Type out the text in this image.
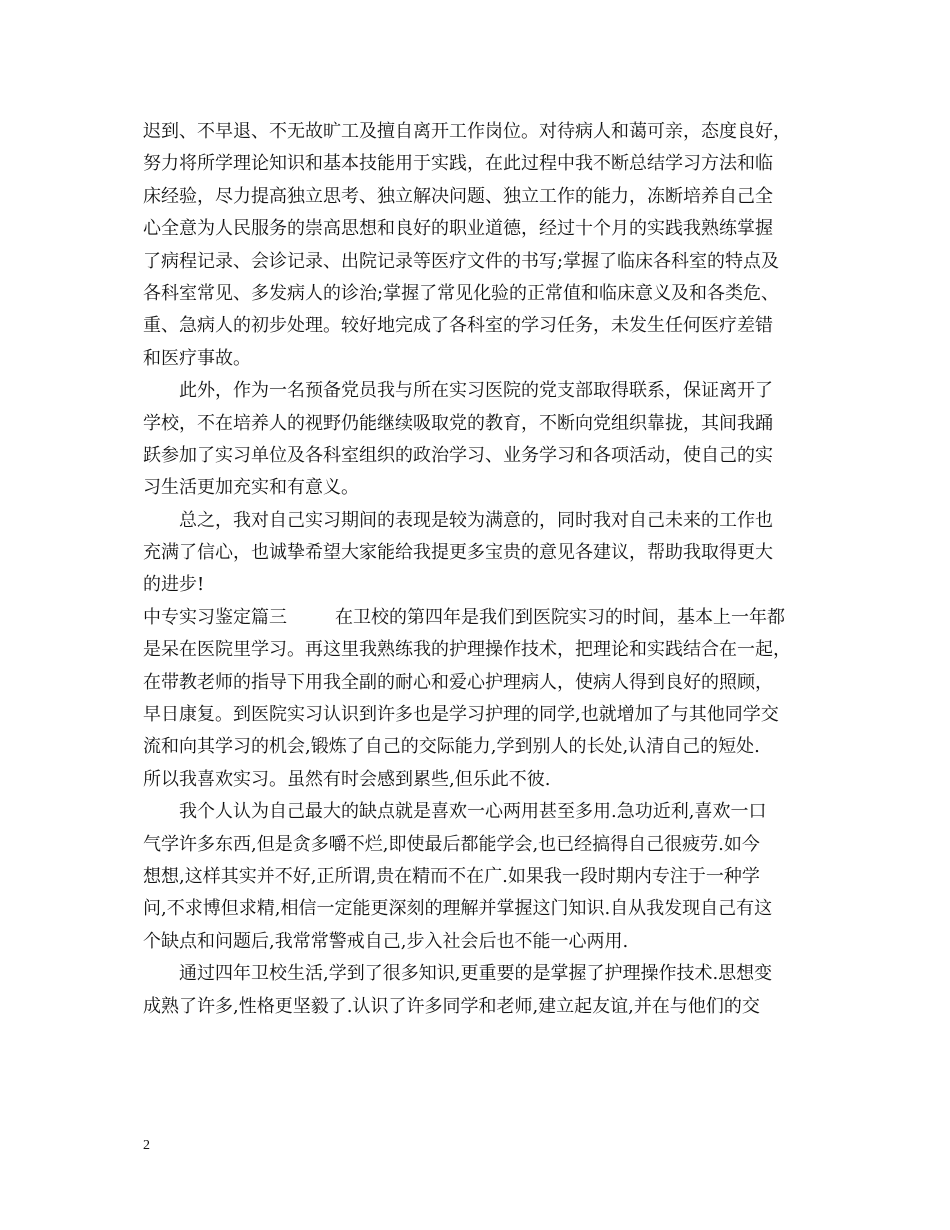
迟到、不早退、不无故旷工及擅自离开工作岗位。对待病人和蔼可亲，态度良好，
努力将所学理论知识和基本技能用于实践，在此过程中我不断总结学习方法和临
床经验，尽力提高独立思考、独立解决问题、独立工作的能力，冻断培养自己全
心全意为人民服务的崇高思想和良好的职业道德，经过十个月的实践我熟练掌握
了病程记录、会诊记录、出院记录等医疗文件的书写;掌握了临床各科室的特点及
各科室常见、多发病人的诊治;掌握了常见化验的正常值和临床意义及和各类危、
重、急病人的初步处理。较好地完成了各科室的学习任务，未发生任何医疗差错
和医疗事故。
此外，作为一名预备党员我与所在实习医院的党支部取得联系，保证离开了
学校，不在培养人的视野仍能继续吸取党的教育，不断向党组织靠拢，其间我踊
跃参加了实习单位及各科室组织的政治学习、业务学习和各项活动，使自己的实
习生活更加充实和有意义。
总之，我对自己实习期间的表现是较为满意的，同时我对自己未来的工作也
充满了信心，也诚挚希望大家能给我提更多宝贵的意见各建议，帮助我取得更大
的进步!
中专实习鉴定篇三	在卫校的第四年是我们到医院实习的时间，基本上一年都
是呆在医院里学习。再这里我熟练我的护理操作技术，把理论和实践结合在一起，
在带教老师的指导下用我全副的耐心和爱心护理病人，使病人得到良好的照顾，
早日康复。到医院实习认识到许多也是学习护理的同学,也就增加了与其他同学交
流和向其学习的机会,锻炼了自己的交际能力,学到别人的长处,认清自己的短处.
所以我喜欢实习。虽然有时会感到累些,但乐此不彼.
我个人认为自己最大的缺点就是喜欢一心两用甚至多用.急功近利,喜欢一口
气学许多东西,但是贪多嚼不烂,即使最后都能学会,也已经搞得自己很疲劳.如今
想想,这样其实并不好,正所谓,贵在精而不在广.如果我一段时期内专注于一种学
问,不求博但求精,相信一定能更深刻的理解并掌握这门知识.自从我发现自己有这
个缺点和问题后,我常常警戒自己,步入社会后也不能一心两用.
通过四年卫校生活,学到了很多知识,更重要的是掌握了护理操作技术.思想变
成熟了许多,性格更坚毅了.认识了许多同学和老师,建立起友谊,并在与他们的交
2
